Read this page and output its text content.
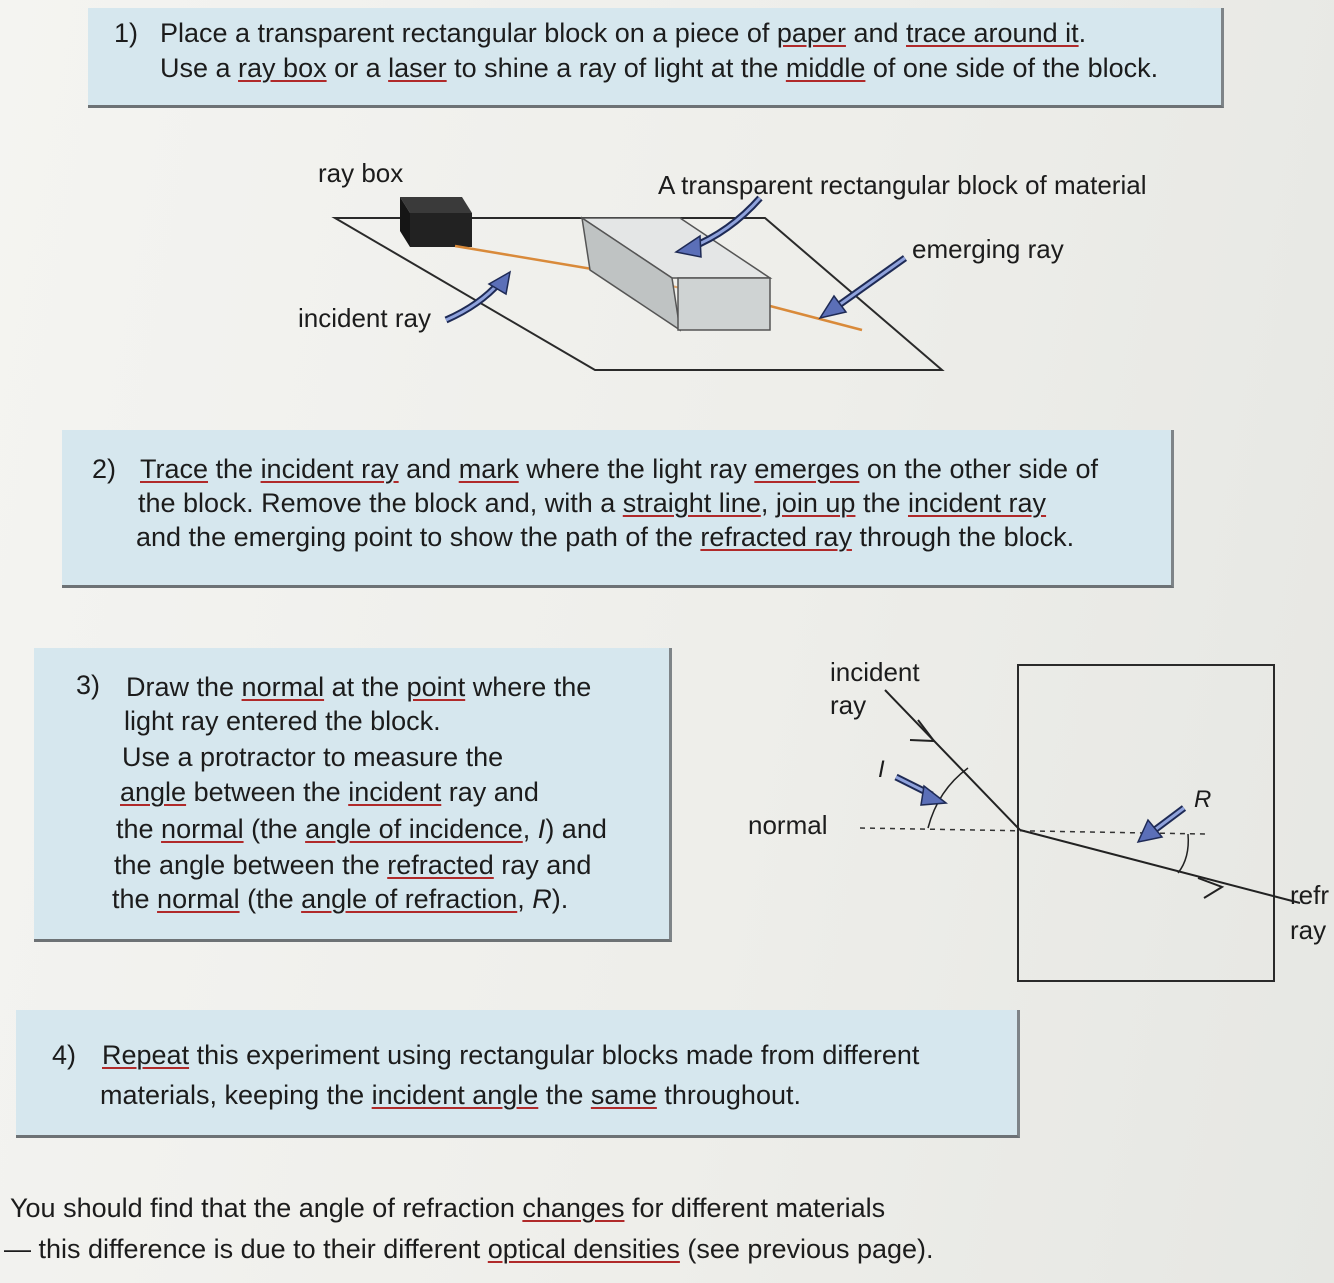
1) Place a transparent rectangular block on a piece of paper and trace around it.
Use a ray box or a laser to shine a ray of light at the middle of one side of the block.
ray box	A transparent rectangular block of material
emerging ray
incident ray
2) Trace the incident ray and mark where the light ray emerges on the other side of
the block. Remove the block and, with a straight line, join up the incident ray
and the emerging point to show the path of the refracted ray through the block.
3) Draw the normal at the point where the
light ray entered the block.
Use a protractor to measure the
angle between the incident ray and
the normal (the angle of incidence, I) and
the angle between the refracted ray and
the normal (the angle of refraction, R).
incident
ray
normal
I
R
refr
ray
4) Repeat this experiment using rectangular blocks made from different
materials, keeping the incident angle the same throughout.
You should find that the angle of refraction changes for different materials
— this difference is due to their different optical densities (see previous page).
